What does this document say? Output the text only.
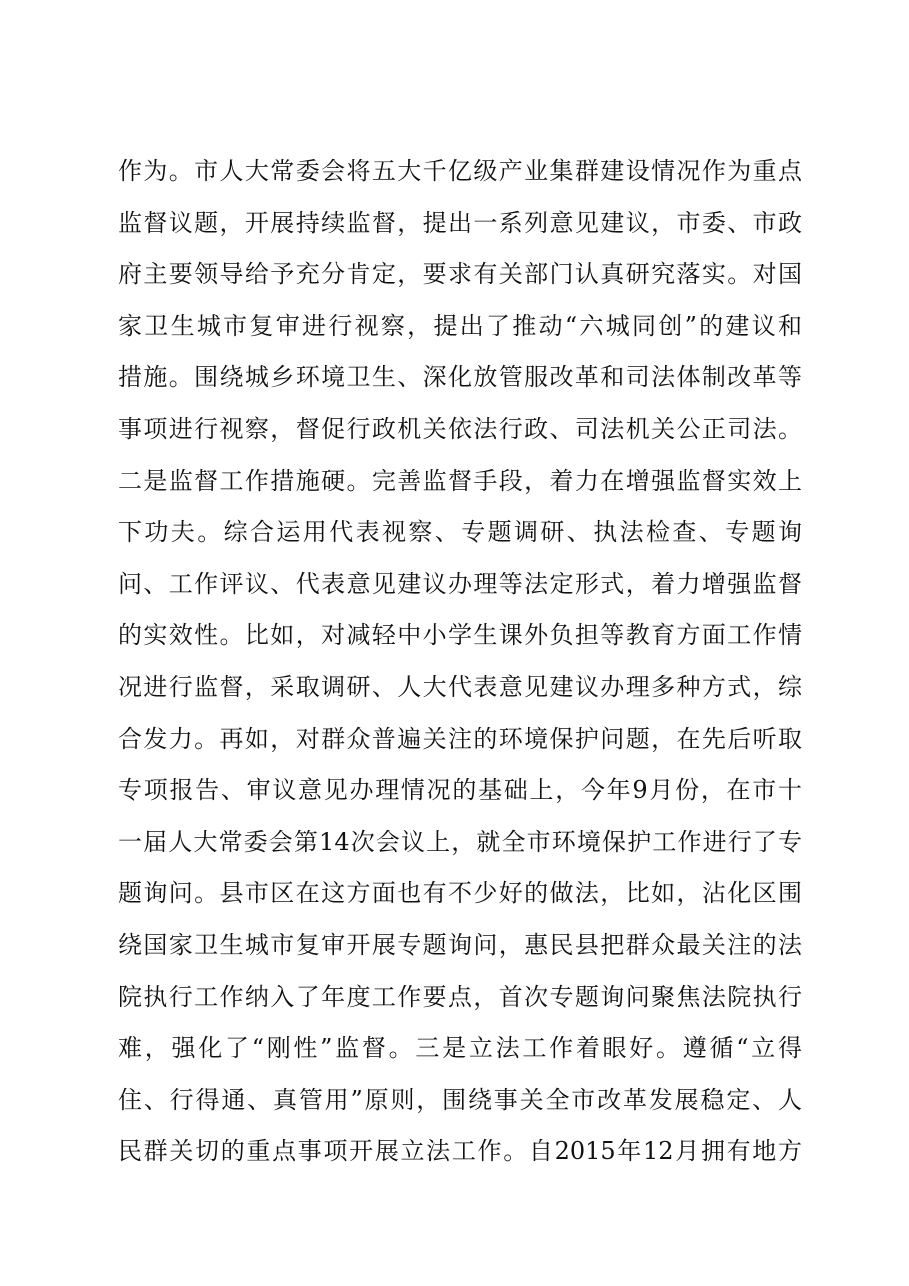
作为。市人大常委会将五大千亿级产业集群建设情况作为重点
监督议题，开展持续监督，提出一系列意见建议，市委、市政
府主要领导给予充分肯定，要求有关部门认真研究落实。对国
家卫生城市复审进行视察，提出了推动“六城同创”的建议和
措施。围绕城乡环境卫生、深化放管服改革和司法体制改革等
事项进行视察，督促行政机关依法行政、司法机关公正司法。
二是监督工作措施硬。完善监督手段，着力在增强监督实效上
下功夫。综合运用代表视察、专题调研、执法检查、专题询
问、工作评议、代表意见建议办理等法定形式，着力增强监督
的实效性。比如，对减轻中小学生课外负担等教育方面工作情
况进行监督，采取调研、人大代表意见建议办理多种方式，综
合发力。再如，对群众普遍关注的环境保护问题，在先后听取
专项报告、审议意见办理情况的基础上，今年9月份，在市十
一届人大常委会第14次会议上，就全市环境保护工作进行了专
题询问。县市区在这方面也有不少好的做法，比如，沾化区围
绕国家卫生城市复审开展专题询问，惠民县把群众最关注的法
院执行工作纳入了年度工作要点，首次专题询问聚焦法院执行
难，强化了“刚性”监督。三是立法工作着眼好。遵循“立得
住、行得通、真管用”原则，围绕事关全市改革发展稳定、人
民群关切的重点事项开展立法工作。自2015年12月拥有地方
